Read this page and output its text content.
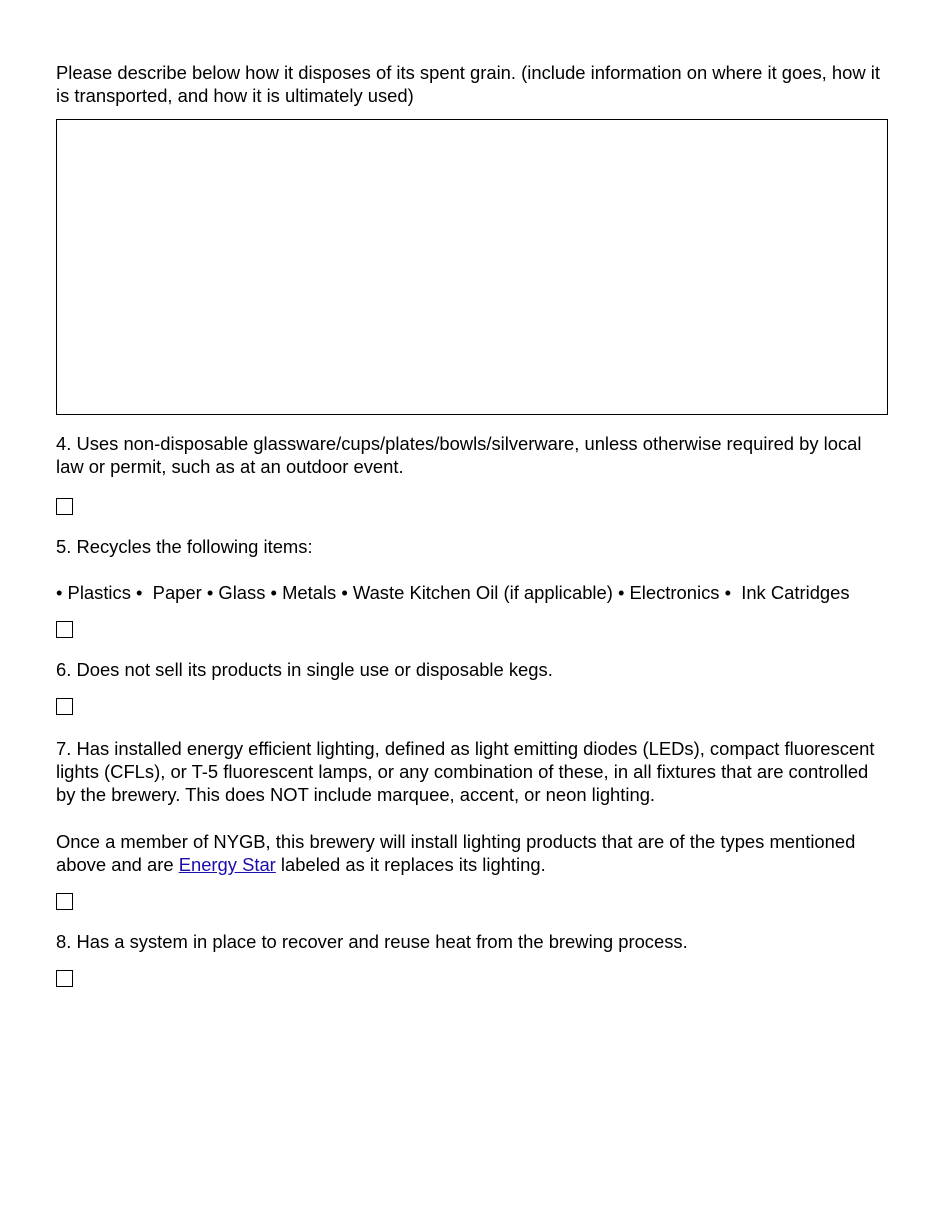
Please describe below how it disposes of its spent grain. (include information on where it goes, how it is transported, and how it is ultimately used)

4. Uses non-disposable glassware/cups/plates/bowls/silverware, unless otherwise required by local law or permit, such as at an outdoor event.

5. Recycles the following items:

• Plastics •  Paper • Glass • Metals • Waste Kitchen Oil (if applicable) • Electronics •  Ink Catridges

6. Does not sell its products in single use or disposable kegs.

7. Has installed energy efficient lighting, defined as light emitting diodes (LEDs), compact fluorescent lights (CFLs), or T-5 fluorescent lamps, or any combination of these, in all fixtures that are controlled by the brewery. This does NOT include marquee, accent, or neon lighting.

Once a member of NYGB, this brewery will install lighting products that are of the types mentioned above and are Energy Star labeled as it replaces its lighting.

8. Has a system in place to recover and reuse heat from the brewing process.
